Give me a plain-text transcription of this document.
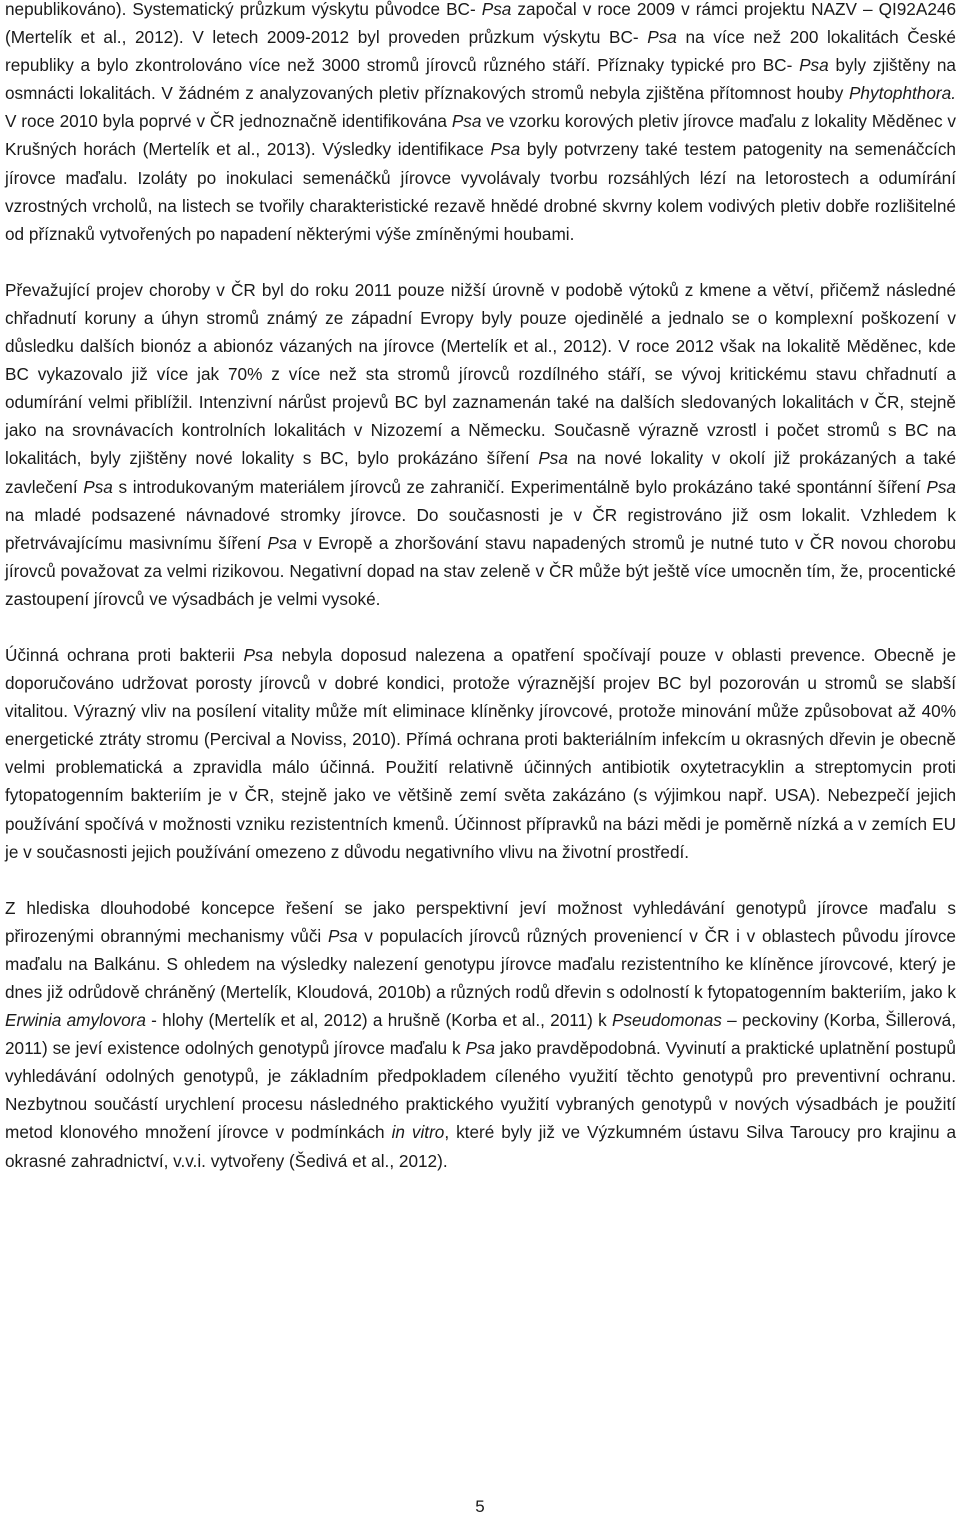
nepublikováno). Systematický průzkum výskytu původce BC- Psa započal v roce 2009 v rámci projektu NAZV – QI92A246 (Mertelík et al., 2012). V letech 2009-2012 byl proveden průzkum výskytu BC- Psa na více než 200 lokalitách České republiky a bylo zkontrolováno více než 3000 stromů jírovců různého stáří. Příznaky typické pro BC- Psa byly zjištěny na osmnácti lokalitách. V žádném z analyzovaných pletiv příznakových stromů nebyla zjištěna přítomnost houby Phytophthora. V roce 2010 byla poprvé v ČR jednoznačně identifikována Psa ve vzorku korových pletiv jírovce maďalu z lokality Měděnec v Krušných horách (Mertelík et al., 2013). Výsledky identifikace Psa byly potvrzeny také testem patogenity na semenáčcích jírovce maďalu. Izoláty po inokulaci semenáčků jírovce vyvolávaly tvorbu rozsáhlých lézí na letorostech a odumírání vzrostných vrcholů, na listech se tvořily charakteristické rezavě hnědé drobné skvrny kolem vodivých pletiv dobře rozlišitelné od příznaků vytvořených po napadení některými výše zmíněnými houbami.

Převažující projev choroby v ČR byl do roku 2011 pouze nižší úrovně v podobě výtoků z kmene a větví, přičemž následné chřadnutí koruny a úhyn stromů známý ze západní Evropy byly pouze ojedinělé a jednalo se o komplexní poškození v důsledku dalších bionóz a abionóz vázaných na jírovce (Mertelík et al., 2012). V roce 2012 však na lokalitě Měděnec, kde BC vykazovalo již více jak 70% z více než sta stromů jírovců rozdílného stáří, se vývoj kritickému stavu chřadnutí a odumírání velmi přiblížil. Intenzivní nárůst projevů BC byl zaznamenán také na dalších sledovaných lokalitách v ČR, stejně jako na srovnávacích kontrolních lokalitách v Nizozemí a Německu. Současně výrazně vzrostl i počet stromů s BC na lokalitách, byly zjištěny nové lokality s BC, bylo prokázáno šíření Psa na nové lokality v okolí již prokázaných a také zavlečení Psa s introdukovaným materiálem jírovců ze zahraničí. Experimentálně bylo prokázáno také spontánní šíření Psa na mladé podsazené návnadové stromky jírovce. Do současnosti je v ČR registrováno již osm lokalit. Vzhledem k přetrvávajícímu masivnímu šíření Psa v Evropě a zhoršování stavu napadených stromů je nutné tuto v ČR novou chorobu jírovců považovat za velmi rizikovou. Negativní dopad na stav zeleně v ČR může být ještě více umocněn tím, že, procentické zastoupení jírovců ve výsadbách je velmi vysoké.

Účinná ochrana proti bakterii Psa nebyla doposud nalezena a opatření spočívají pouze v oblasti prevence. Obecně je doporučováno udržovat porosty jírovců v dobré kondici, protože výraznější projev BC byl pozorován u stromů se slabší vitalitou. Výrazný vliv na posílení vitality může mít eliminace klíněnky jírovcové, protože minování může způsobovat až 40% energetické ztráty stromu (Percival a Noviss, 2010). Přímá ochrana proti bakteriálním infekcím u okrasných dřevin je obecně velmi problematická a zpravidla málo účinná. Použití relativně účinných antibiotik oxytetracyklin a streptomycin proti fytopatogenním bakteriím je v ČR, stejně jako ve většině zemí světa zakázáno (s výjimkou např. USA). Nebezpečí jejich používání spočívá v možnosti vzniku rezistentních kmenů. Účinnost přípravků na bázi mědi je poměrně nízká a v zemích EU je v současnosti jejich používání omezeno z důvodu negativního vlivu na životní prostředí.

Z hlediska dlouhodobé koncepce řešení se jako perspektivní jeví možnost vyhledávání genotypů jírovce maďalu s přirozenými obrannými mechanismy vůči Psa v populacích jírovců různých proveniencí v ČR i v oblastech původu jírovce maďalu na Balkánu. S ohledem na výsledky nalezení genotypu jírovce maďalu rezistentního ke klíněnce jírovcové, který je dnes již odrůdově chráněný (Mertelík, Kloudová, 2010b) a různých rodů dřevin s odolností k fytopatogenním bakteriím, jako k Erwinia amylovora - hlohy (Mertelík et al, 2012) a hrušně (Korba et al., 2011) k Pseudomonas – peckoviny (Korba, Šillerová, 2011) se jeví existence odolných genotypů jírovce maďalu k Psa jako pravděpodobná. Vyvinutí a praktické uplatnění postupů vyhledávání odolných genotypů, je základním předpokladem cíleného využití těchto genotypů pro preventivní ochranu. Nezbytnou součástí urychlení procesu následného praktického využití vybraných genotypů v nových výsadbách je použití metod klonového množení jírovce v podmínkách in vitro, které byly již ve Výzkumném ústavu Silva Taroucy pro krajinu a okrasné zahradnictví, v.v.i. vytvořeny (Šedivá et al., 2012).

5
